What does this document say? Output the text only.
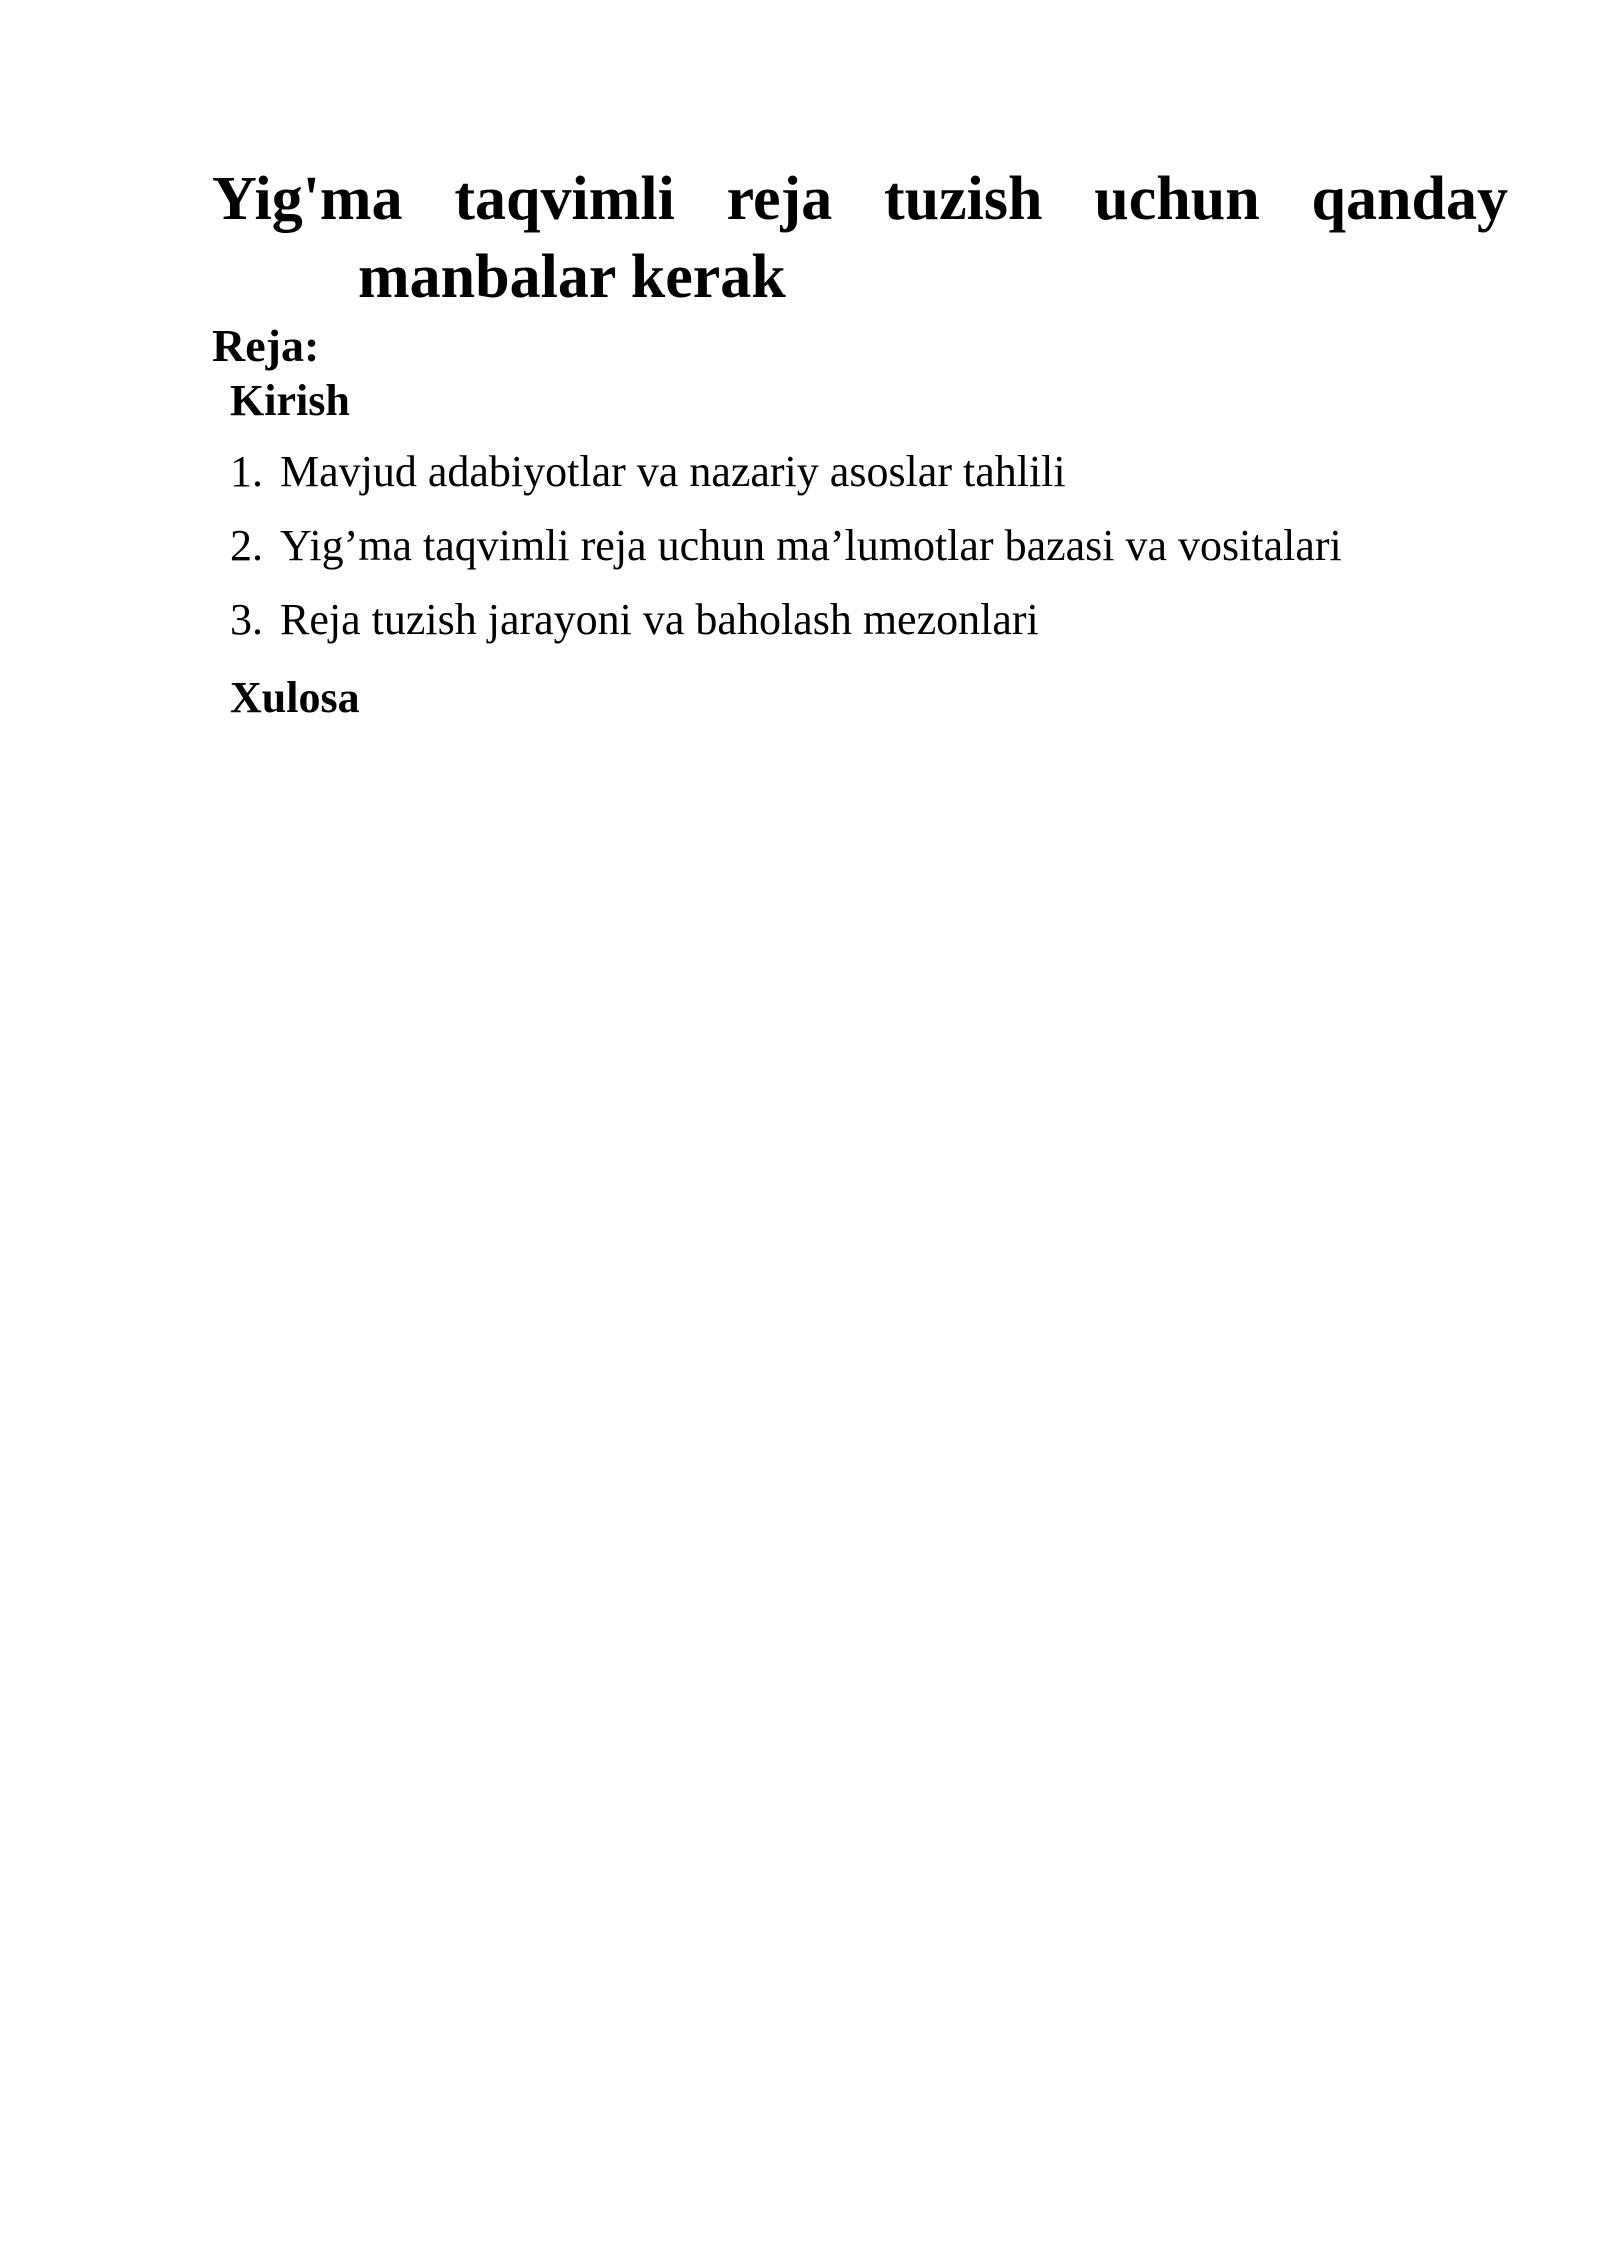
Yig'ma taqvimli reja tuzish uchun qanday
manbalar kerak

Reja:

Kirish

1. Mavjud adabiyotlar va nazariy asoslar tahlili
2. Yig’ma taqvimli reja uchun ma’lumotlar bazasi va vositalari
3. Reja tuzish jarayoni va baholash mezonlari

Xulosa
